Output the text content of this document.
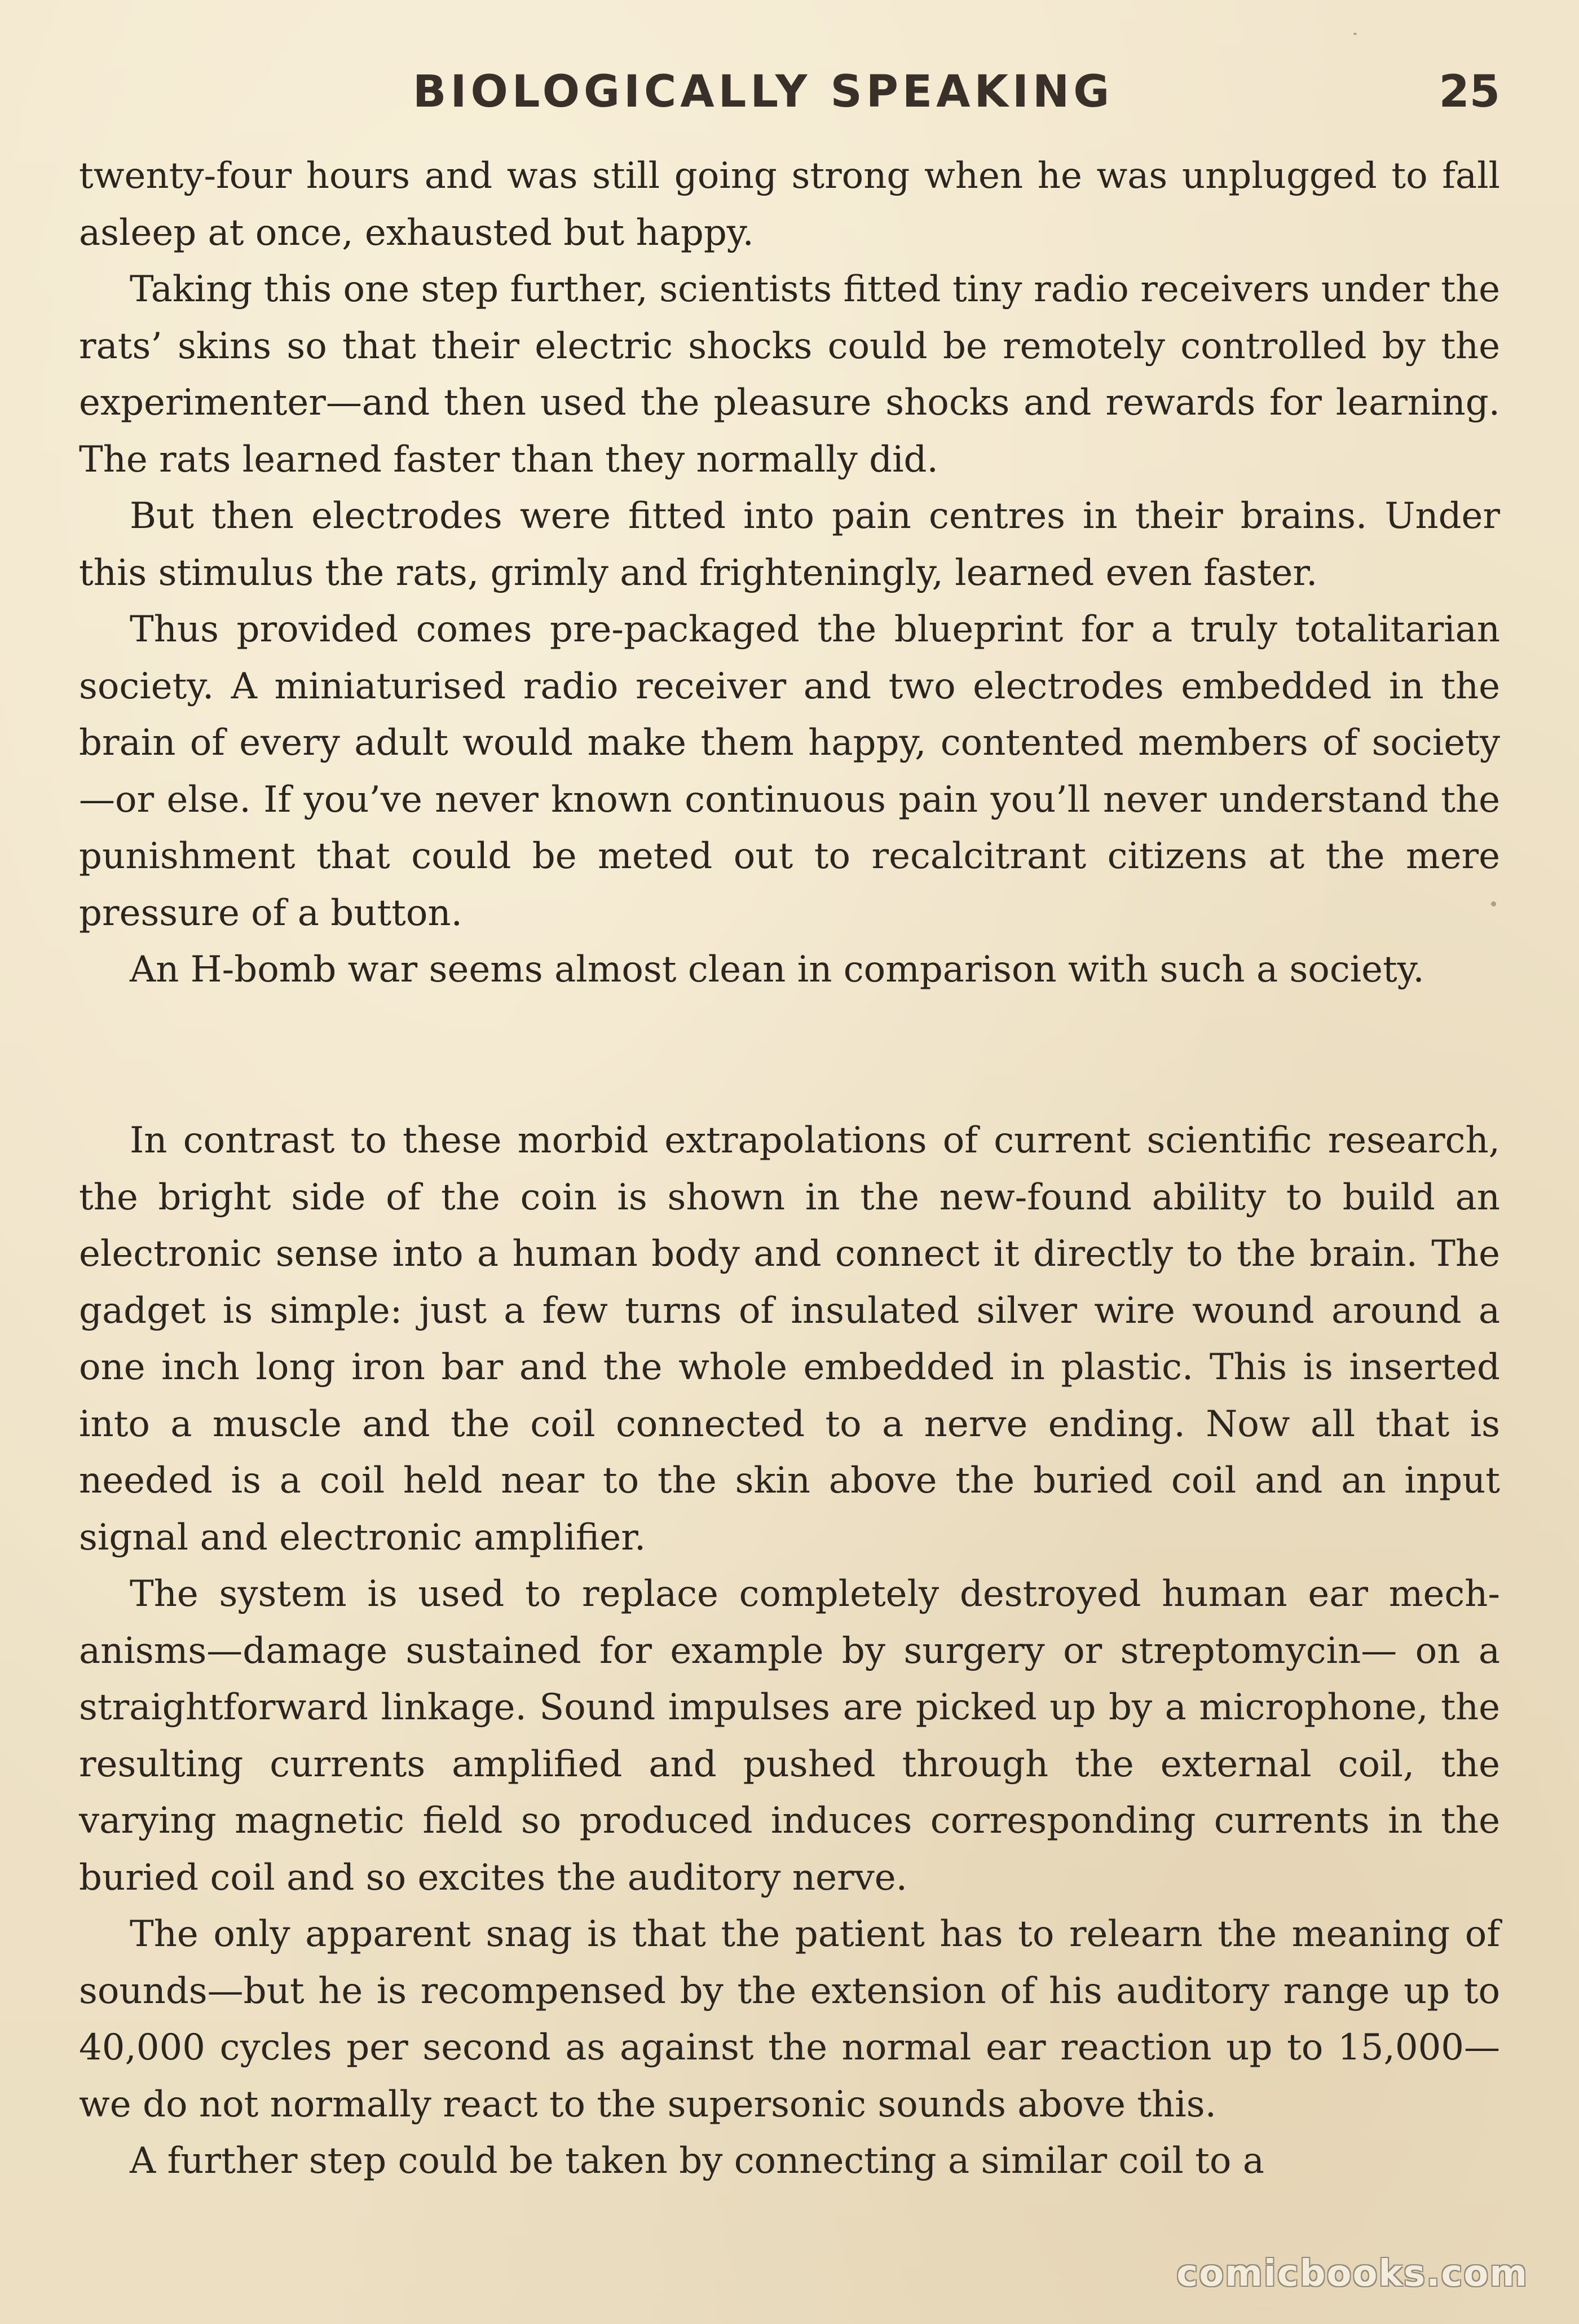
BIOLOGICALLY SPEAKING	25

twenty-four hours and was still going strong when he was unplugged to fall asleep at once, exhausted but happy.

Taking this one step further, scientists fitted tiny radio receivers under the rats’ skins so that their electric shocks could be remotely controlled by the experimenter—and then used the pleasure shocks and rewards for learning. The rats learned faster than they normally did.

But then electrodes were fitted into pain centres in their brains. Under this stimulus the rats, grimly and frighteningly, learned even faster.

Thus provided comes pre-packaged the blueprint for a truly totalitarian society. A miniaturised radio receiver and two electrodes embedded in the brain of every adult would make them happy, contented members of society—or else. If you’ve never known continuous pain you’ll never understand the punishment that could be meted out to recalcitrant citizens at the mere pressure of a button.

An H-bomb war seems almost clean in comparison with such a society.

In contrast to these morbid extrapolations of current scientific research, the bright side of the coin is shown in the new-found ability to build an electronic sense into a human body and connect it directly to the brain. The gadget is simple: just a few turns of insulated silver wire wound around a one inch long iron bar and the whole embedded in plastic. This is inserted into a muscle and the coil connected to a nerve ending. Now all that is needed is a coil held near to the skin above the buried coil and an input signal and electronic amplifier.

The system is used to replace completely destroyed human ear mechanisms—damage sustained for example by surgery or streptomycin— on a straightforward linkage. Sound impulses are picked up by a microphone, the resulting currents amplified and pushed through the external coil, the varying magnetic field so produced induces corresponding currents in the buried coil and so excites the auditory nerve.

The only apparent snag is that the patient has to relearn the meaning of sounds—but he is recompensed by the extension of his auditory range up to 40,000 cycles per second as against the normal ear reaction up to 15,000—we do not normally react to the supersonic sounds above this.

A further step could be taken by connecting a similar coil to a

comicbooks.com
